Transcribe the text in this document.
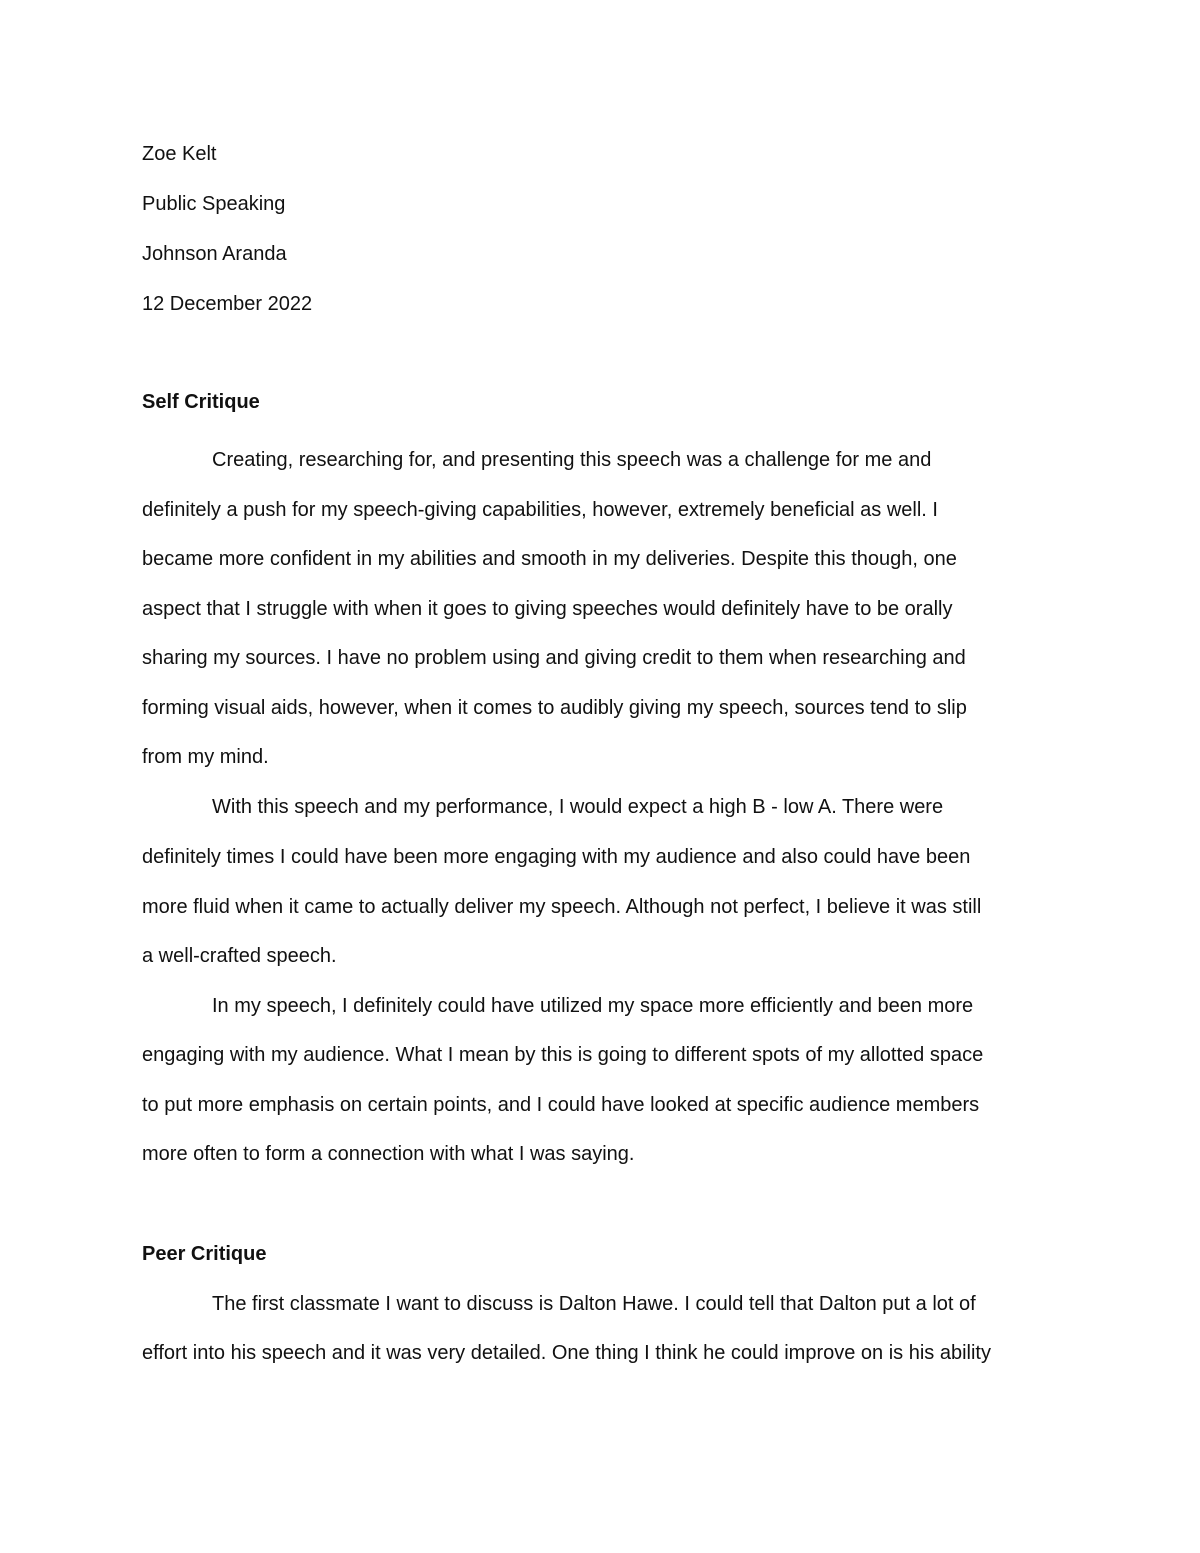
Zoe Kelt

Public Speaking

Johnson Aranda

12 December 2022

Self Critique

Creating, researching for, and presenting this speech was a challenge for me and

definitely a push for my speech-giving capabilities, however, extremely beneficial as well. I

became more confident in my abilities and smooth in my deliveries. Despite this though, one

aspect that I struggle with when it goes to giving speeches would definitely have to be orally

sharing my sources. I have no problem using and giving credit to them when researching and

forming visual aids, however, when it comes to audibly giving my speech, sources tend to slip

from my mind.

With this speech and my performance, I would expect a high B - low A. There were

definitely times I could have been more engaging with my audience and also could have been

more fluid when it came to actually deliver my speech. Although not perfect, I believe it was still

a well-crafted speech.

In my speech, I definitely could have utilized my space more efficiently and been more

engaging with my audience. What I mean by this is going to different spots of my allotted space

to put more emphasis on certain points, and I could have looked at specific audience members

more often to form a connection with what I was saying.

Peer Critique

The first classmate I want to discuss is Dalton Hawe. I could tell that Dalton put a lot of

effort into his speech and it was very detailed. One thing I think he could improve on is his ability
